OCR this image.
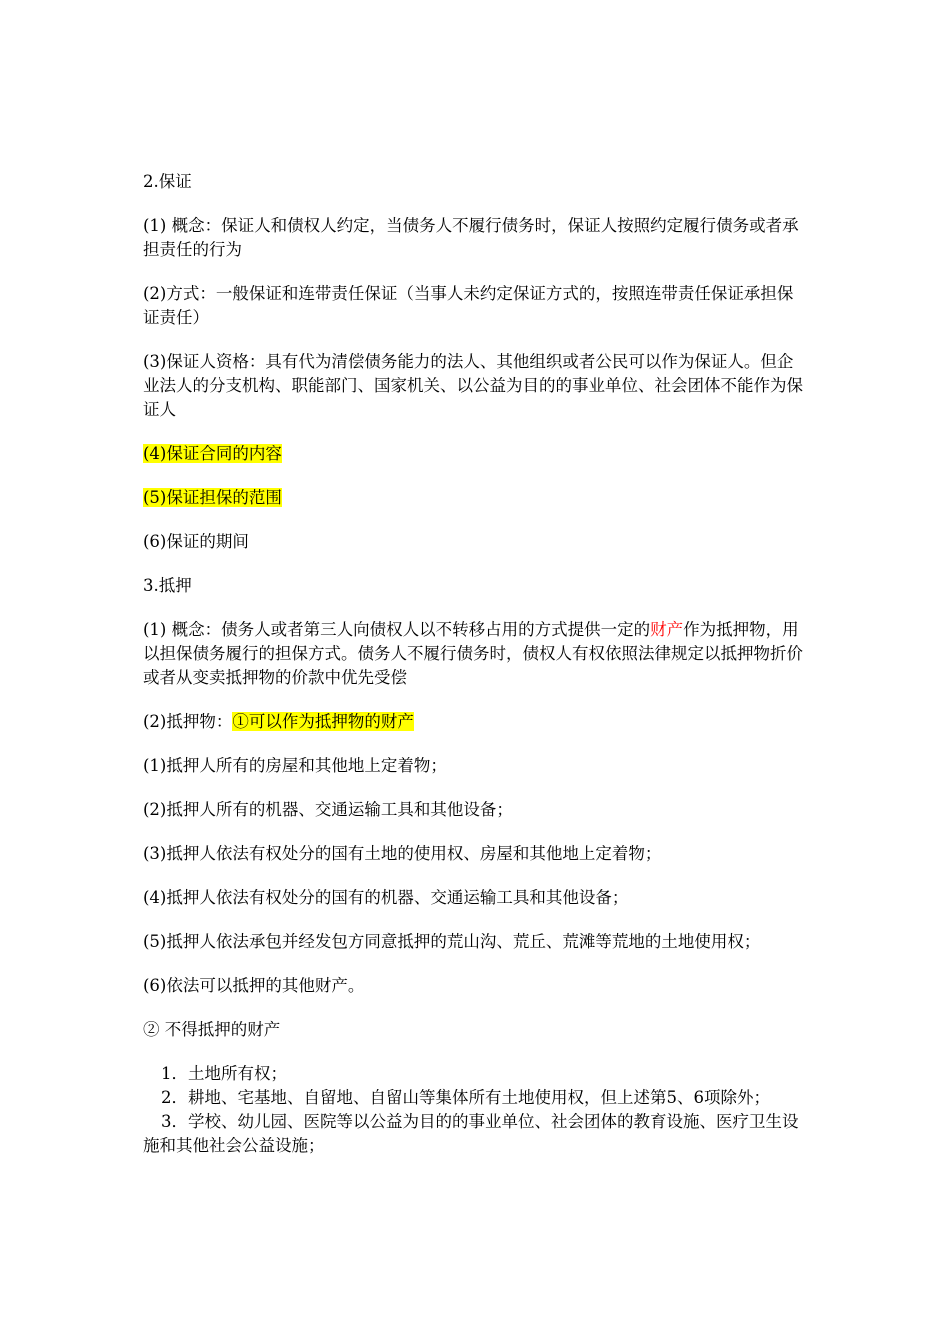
2.保证

(1) 概念：保证人和债权人约定，当债务人不履行债务时，保证人按照约定履行债务或者承担责任的行为

(2)方式：一般保证和连带责任保证（当事人未约定保证方式的，按照连带责任保证承担保证责任）

(3)保证人资格：具有代为清偿债务能力的法人、其他组织或者公民可以作为保证人。但企业法人的分支机构、职能部门、国家机关、以公益为目的的事业单位、社会团体不能作为保证人

(4)保证合同的内容

(5)保证担保的范围

(6)保证的期间

3.抵押

(1) 概念：债务人或者第三人向债权人以不转移占用的方式提供一定的财产作为抵押物，用以担保债务履行的担保方式。债务人不履行债务时，债权人有权依照法律规定以抵押物折价或者从变卖抵押物的价款中优先受偿

(2)抵押物：①可以作为抵押物的财产

(1)抵押人所有的房屋和其他地上定着物；

(2)抵押人所有的机器、交通运输工具和其他设备；

(3)抵押人依法有权处分的国有土地的使用权、房屋和其他地上定着物；

(4)抵押人依法有权处分的国有的机器、交通运输工具和其他设备；

(5)抵押人依法承包并经发包方同意抵押的荒山沟、荒丘、荒滩等荒地的土地使用权；

(6)依法可以抵押的其他财产。

② 不得抵押的财产

1．土地所有权；

2．耕地、宅基地、自留地、自留山等集体所有土地使用权，但上述第5、6项除外；

3．学校、幼儿园、医院等以公益为目的的事业单位、社会团体的教育设施、医疗卫生设施和其他社会公益设施；
